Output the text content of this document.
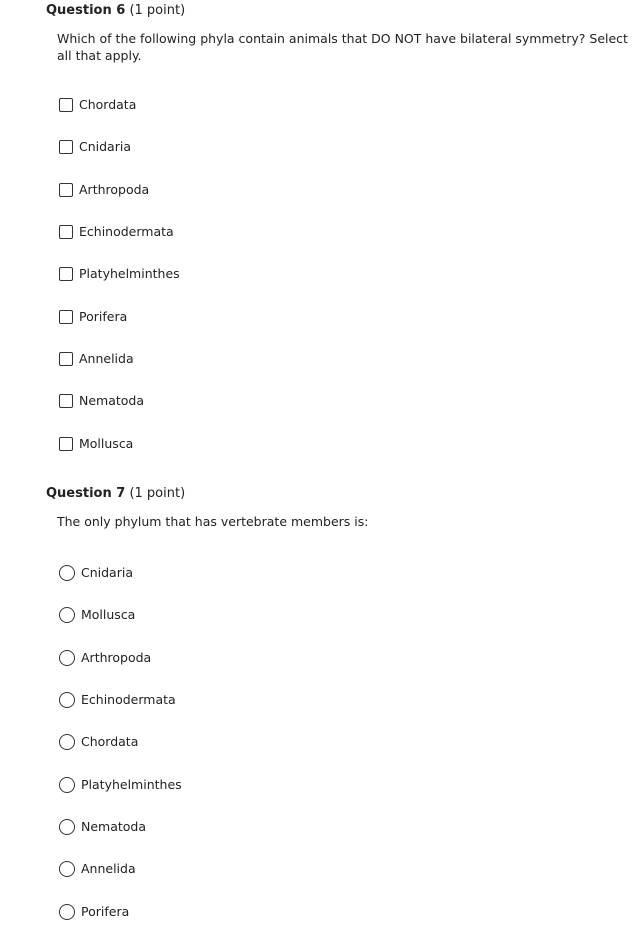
Question 6 (1 point)
Which of the following phyla contain animals that DO NOT have bilateral symmetry? Select all that apply.
Chordata
Cnidaria
Arthropoda
Echinodermata
Platyhelminthes
Porifera
Annelida
Nematoda
Mollusca
Question 7 (1 point)
The only phylum that has vertebrate members is:
Cnidaria
Mollusca
Arthropoda
Echinodermata
Chordata
Platyhelminthes
Nematoda
Annelida
Porifera
